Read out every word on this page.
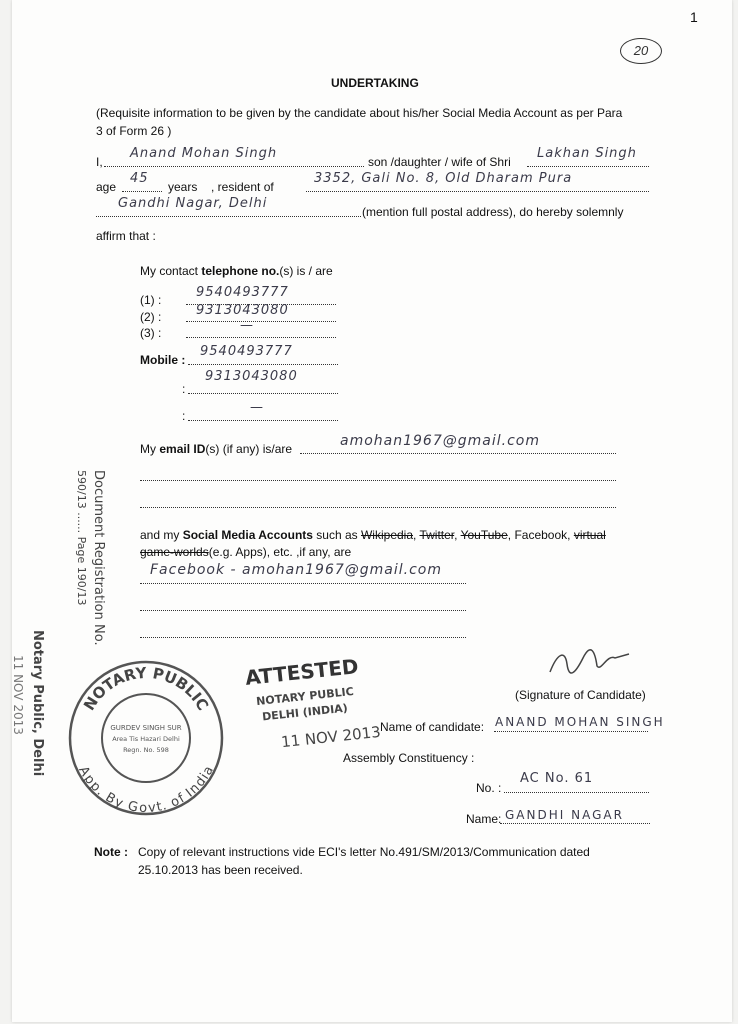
1
20
UNDERTAKING
(Requisite information to be given by the candidate about his/her Social Media Account as per Para
3 of Form 26 )
I,
Anand Mohan Singh
son /daughter / wife of Shri
Lakhan Singh
age
45
years , resident of
3352, Gali No. 8, Old Dharam Pura
Gandhi Nagar, Delhi
(mention full postal address), do hereby solemnly
affirm that :
My contact telephone no.(s) is / are
(1) :	9540493777
(2) :	9313043080
(3) :	—
Mobile :
9540493777
:
9313043080
:
—
My email ID(s) (if any) is/are	amohan1967@gmail.com
and my Social Media Accounts such as Wikipedia, Twitter, YouTube, Facebook, virtual
game-worlds(e.g. Apps), etc. ,if any, are
Facebook - amohan1967@gmail.com
Notary Public, Delhi
11 NOV 2013
Document Registration No.
590/13 ...... Page 190/13
NOTARY PUBLIC
App. By Govt. of India
GURDEV SINGH SUR
Area Tis Hazari Delhi
Regn. No. 598
ATTESTED
NOTARY PUBLIC
DELHI (INDIA)
11 NOV 2013
(Signature of Candidate)
Name of candidate: ANAND MOHAN SINGH
Assembly Constituency :
No. :
AC No. 61
Name: GANDHI NAGAR
Note : Copy of relevant instructions vide ECI's letter No.491/SM/2013/Communication dated
25.10.2013 has been received.
